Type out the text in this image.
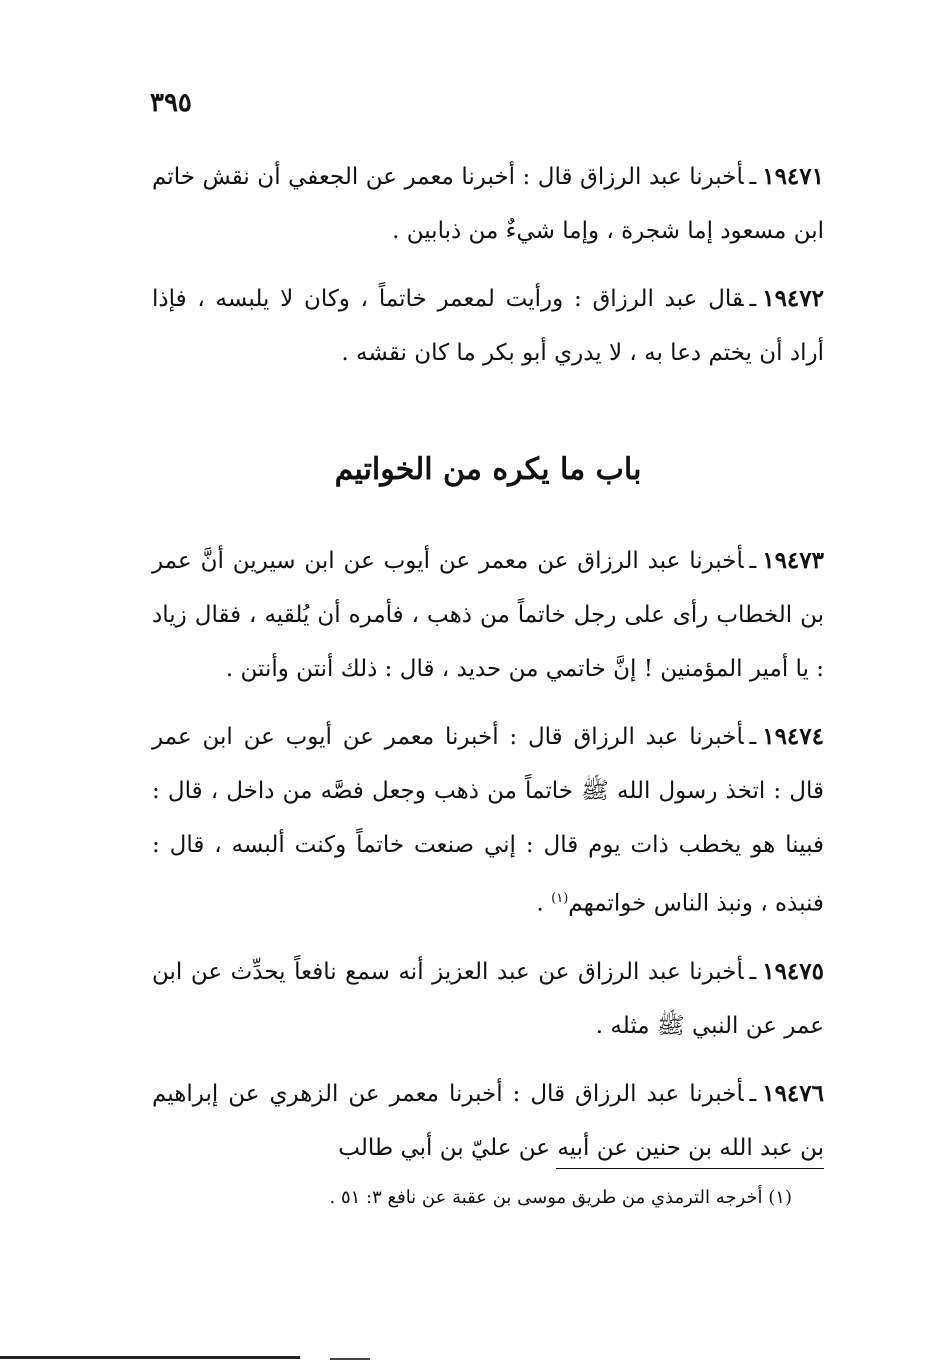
٣٩٥

١٩٤٧١ـأخبرنا عبد الرزاق قال : أخبرنا معمر عن الجعفي أن نقش خاتم ابن مسعود إما شجرة ، وإما شيءٌ من ذبابين .

١٩٤٧٢ـقال عبد الرزاق : ورأيت لمعمر خاتماً ، وكان لا يلبسه ، فإذا أراد أن يختم دعا به ، لا يدري أبو بكر ما كان نقشه .

باب ما يكره من الخواتيم

١٩٤٧٣ـأخبرنا عبد الرزاق عن معمر عن أيوب عن ابن سيرين أنَّ عمر بن الخطاب رأى على رجل خاتماً من ذهب ، فأمره أن يُلقيه ، فقال زياد : يا أمير المؤمنين ! إنَّ خاتمي من حديد ، قال : ذلك أنتن وأنتن .

١٩٤٧٤ـأخبرنا عبد الرزاق قال : أخبرنا معمر عن أيوب عن ابن عمر قال : اتخذ رسول الله ﷺ خاتماً من ذهب وجعل فصَّه من داخل ، قال : فبينا هو يخطب ذات يوم قال : إني صنعت خاتماً وكنت ألبسه ، قال : فنبذه ، ونبذ الناس خواتمهم$^{(١)}$ .

١٩٤٧٥ـأخبرنا عبد الرزاق عن عبد العزيز أنه سمع نافعاً يحدِّث عن ابن عمر عن النبي ﷺ مثله .

١٩٤٧٦ـأخبرنا عبد الرزاق قال : أخبرنا معمر عن الزهري عن إبراهيم بن عبد الله بن حنين عن أبيه عن عليّ بن أبي طالب

(١) أخرجه الترمذي من طريق موسى بن عقبة عن نافع ٣: ٥١ .
